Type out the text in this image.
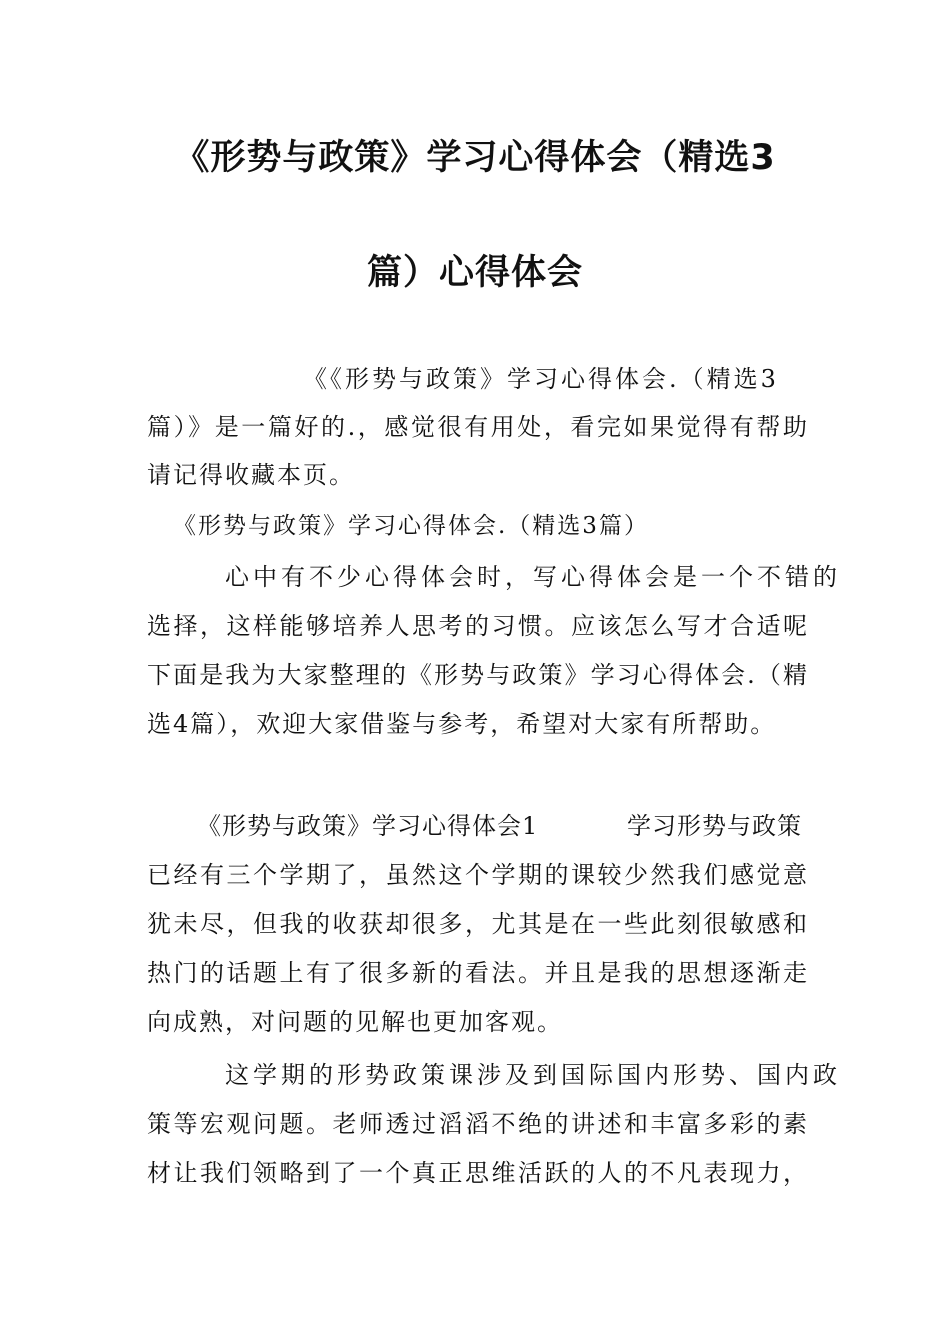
《形势与政策》学习心得体会（精选3
篇）心得体会
《《形势与政策》学习心得体会.（精选3
篇）》是一篇好的.，感觉很有用处，看完如果觉得有帮助
请记得收藏本页。
《形势与政策》学习心得体会.（精选3篇）
心中有不少心得体会时，写心得体会是一个不错的
选择，这样能够培养人思考的习惯。应该怎么写才合适呢
下面是我为大家整理的《形势与政策》学习心得体会.（精
选4篇），欢迎大家借鉴与参考，希望对大家有所帮助。
《形势与政策》学习心得体会1	学习形势与政策
已经有三个学期了，虽然这个学期的课较少然我们感觉意
犹未尽，但我的收获却很多，尤其是在一些此刻很敏感和
热门的话题上有了很多新的看法。并且是我的思想逐渐走
向成熟，对问题的见解也更加客观。
这学期的形势政策课涉及到国际国内形势、国内政
策等宏观问题。老师透过滔滔不绝的讲述和丰富多彩的素
材让我们领略到了一个真正思维活跃的人的不凡表现力，
